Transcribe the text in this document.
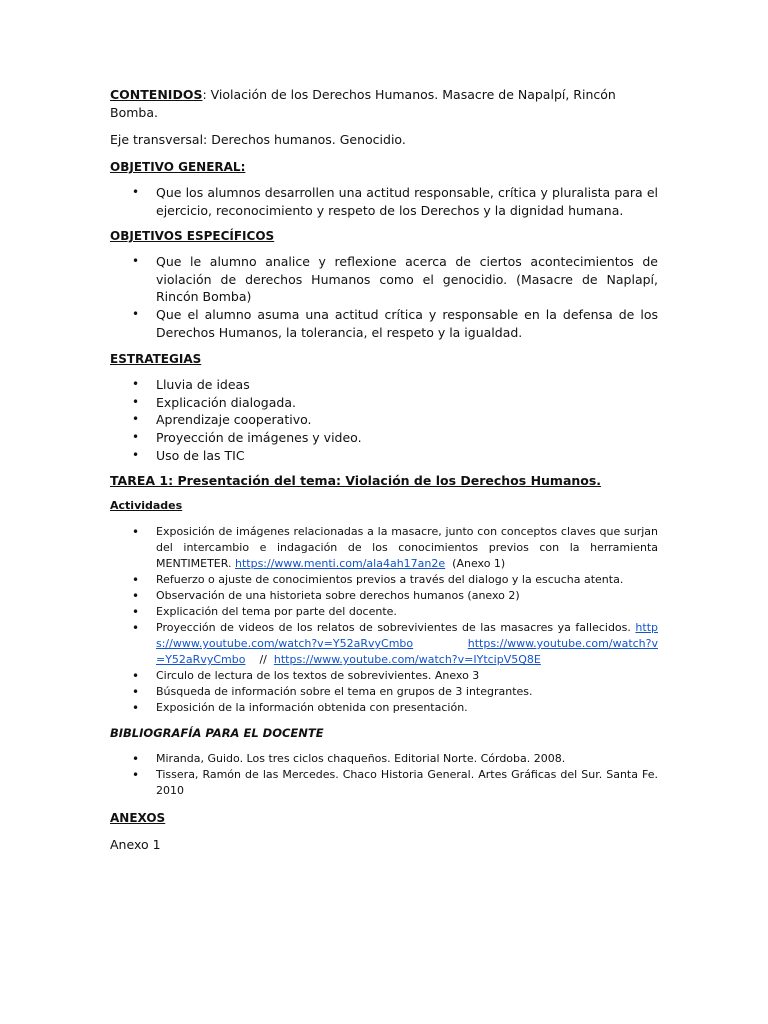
CONTENIDOS: Violación de los Derechos Humanos. Masacre de Napalpí, Rincón Bomba.

Eje transversal: Derechos humanos. Genocidio.

OBJETIVO GENERAL:

• Que los alumnos desarrollen una actitud responsable, crítica y pluralista para el ejercicio, reconocimiento y respeto de los Derechos y la dignidad humana.

OBJETIVOS ESPECÍFICOS

• Que le alumno analice y reflexione acerca de ciertos acontecimientos de violación de derechos Humanos como el genocidio. (Masacre de Naplapí, Rincón Bomba)
• Que el alumno asuma una actitud crítica y responsable en la defensa de los Derechos Humanos, la tolerancia, el respeto y la igualdad.

ESTRATEGIAS

• Lluvia de ideas
• Explicación dialogada.
• Aprendizaje cooperativo.
• Proyección de imágenes y video.
• Uso de las TIC

TAREA 1: Presentación del tema: Violación de los Derechos Humanos.

Actividades

• Exposición de imágenes relacionadas a la masacre, junto con conceptos claves que surjan del intercambio e indagación de los conocimientos previos con la herramienta MENTIMETER. https://www.menti.com/ala4ah17an2e (Anexo 1)
• Refuerzo o ajuste de conocimientos previos a través del dialogo y la escucha atenta.
• Observación de una historieta sobre derechos humanos (anexo 2)
• Explicación del tema por parte del docente.
• Proyección de videos de los relatos de sobrevivientes de las masacres ya fallecidos. https://www.youtube.com/watch?v=Y52aRvyCmbo	https://www.youtube.com/watch?v=Y52aRvyCmbo // https://www.youtube.com/watch?v=IYtcipV5Q8E
• Circulo de lectura de los textos de sobrevivientes. Anexo 3
• Búsqueda de información sobre el tema en grupos de 3 integrantes.
• Exposición de la información obtenida con presentación.

BIBLIOGRAFÍA PARA EL DOCENTE

• Miranda, Guido. Los tres ciclos chaqueños. Editorial Norte. Córdoba. 2008.
• Tissera, Ramón de las Mercedes. Chaco Historia General. Artes Gráficas del Sur. Santa Fe. 2010

ANEXOS

Anexo 1
